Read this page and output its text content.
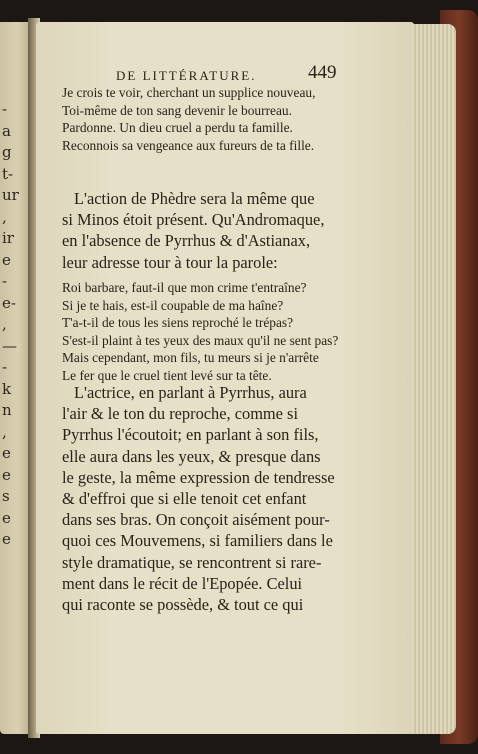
-
a
g
t-
ur
,
ir
e
-
e-
,
—
-
k
n
,
e
e
s
e
e
DE LITTÉRATURE.	449
Je crois te voir, cherchant un supplice nouveau,
Toi-même de ton sang devenir le bourreau.
Pardonne. Un dieu cruel a perdu ta famille.
Reconnois sa vengeance aux fureurs de ta fille.
L'action de Phèdre sera la même que
si Minos étoit présent. Qu'Andromaque,
en l'absence de Pyrrhus & d'Astianax,
leur adresse tour à tour la parole:
Roi barbare, faut-il que mon crime t'entraîne?
Si je te hais, est-il coupable de ma haîne?
T'a-t-il de tous les siens reproché le trépas?
S'est-il plaint à tes yeux des maux qu'il ne sent pas?
Mais cependant, mon fils, tu meurs si je n'arrête
Le fer que le cruel tient levé sur ta tête.
L'actrice, en parlant à Pyrrhus, aura
l'air & le ton du reproche, comme si
Pyrrhus l'écoutoit; en parlant à son fils,
elle aura dans les yeux, & presque dans
le geste, la même expression de tendresse
& d'effroi que si elle tenoit cet enfant
dans ses bras. On conçoit aisément pour-
quoi ces Mouvemens, si familiers dans le
style dramatique, se rencontrent si rare-
ment dans le récit de l'Epopée. Celui
qui raconte se possède, & tout ce qui
